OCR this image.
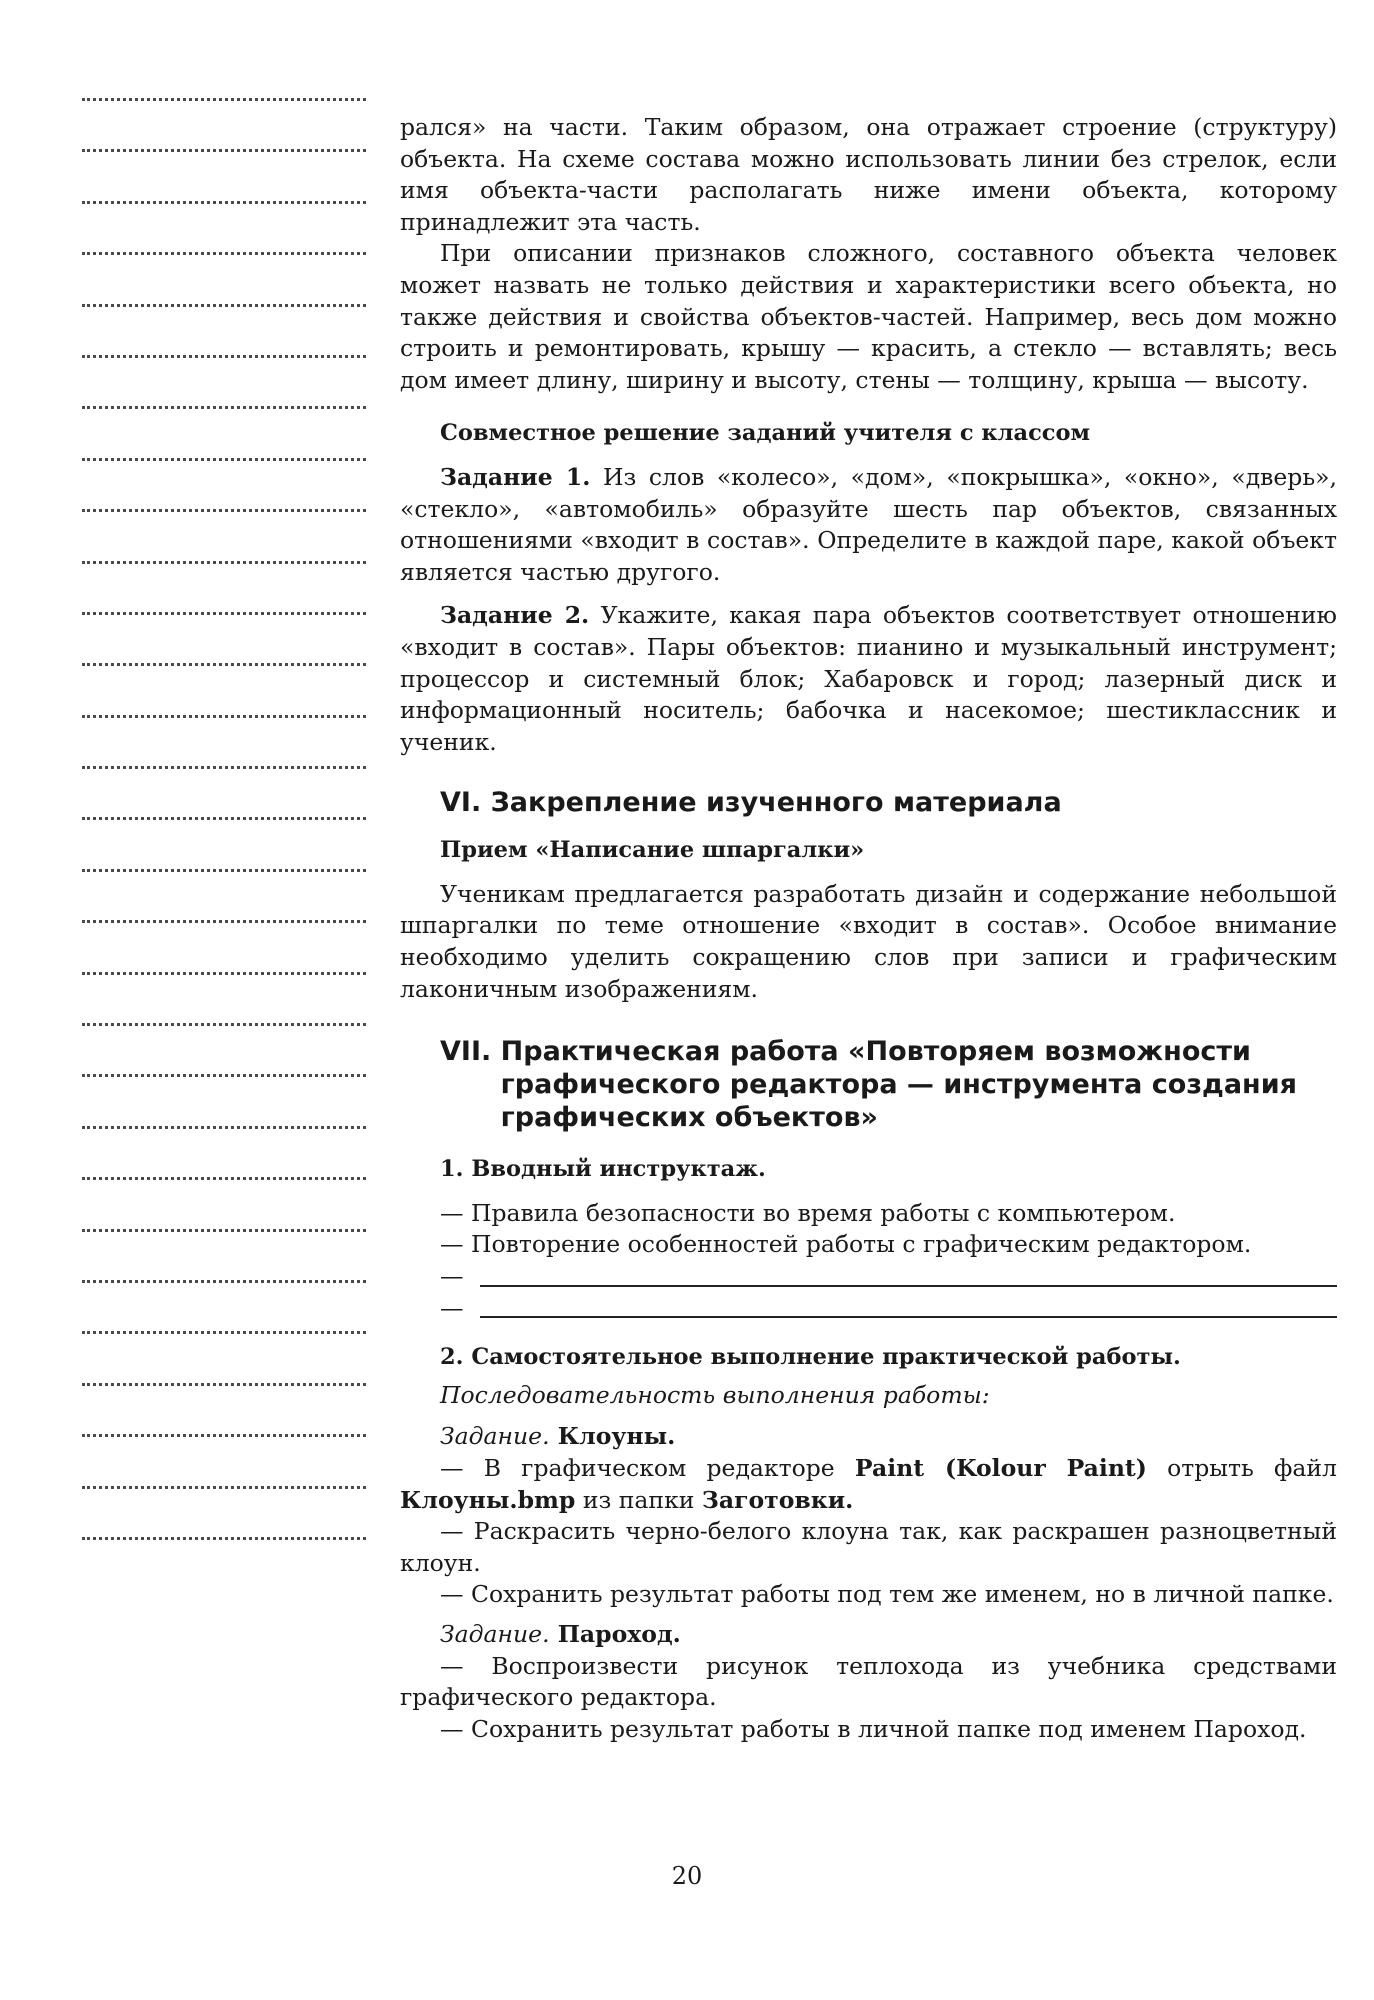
рался» на части. Таким образом, она отражает строение (структуру) объекта. На схеме состава можно использовать линии без стрелок, если имя объекта-части располагать ниже имени объекта, которому принадлежит эта часть.

При описании признаков сложного, составного объекта человек может назвать не только действия и характеристики всего объекта, но также действия и свойства объектов-частей. Например, весь дом можно строить и ремонтировать, крышу — красить, а стекло — вставлять; весь дом имеет длину, ширину и высоту, стены — толщину, крыша — высоту.

Совместное решение заданий учителя с классом

Задание 1. Из слов «колесо», «дом», «покрышка», «окно», «дверь», «стекло», «автомобиль» образуйте шесть пар объектов, связанных отношениями «входит в состав». Определите в каждой паре, какой объект является частью другого.

Задание 2. Укажите, какая пара объектов соответствует отношению «входит в состав». Пары объектов: пианино и музыкальный инструмент; процессор и системный блок; Хабаровск и город; лазерный диск и информационный носитель; бабочка и насекомое; шестиклассник и ученик.

VI. Закрепление изученного материала

Прием «Написание шпаргалки»

Ученикам предлагается разработать дизайн и содержание небольшой шпаргалки по теме отношение «входит в состав». Особое внимание необходимо уделить сокращению слов при записи и графическим лаконичным изображениям.

VII. Практическая работа «Повторяем возможности графического редактора — инструмента создания графических объектов»

1. Вводный инструктаж.

— Правила безопасности во время работы с компьютером.

— Повторение особенностей работы с графическим редактором.

—
—

2. Самостоятельное выполнение практической работы.

Последовательность выполнения работы:

Задание. Клоуны.

— В графическом редакторе Paint (Kolour Paint) отрыть файл Клоуны.bmp из папки Заготовки.

— Раскрасить черно-белого клоуна так, как раскрашен разноцветный клоун.

— Сохранить результат работы под тем же именем, но в личной папке.

Задание. Пароход.

— Воспроизвести рисунок теплохода из учебника средствами графического редактора.

— Сохранить результат работы в личной папке под именем Пароход.

20
